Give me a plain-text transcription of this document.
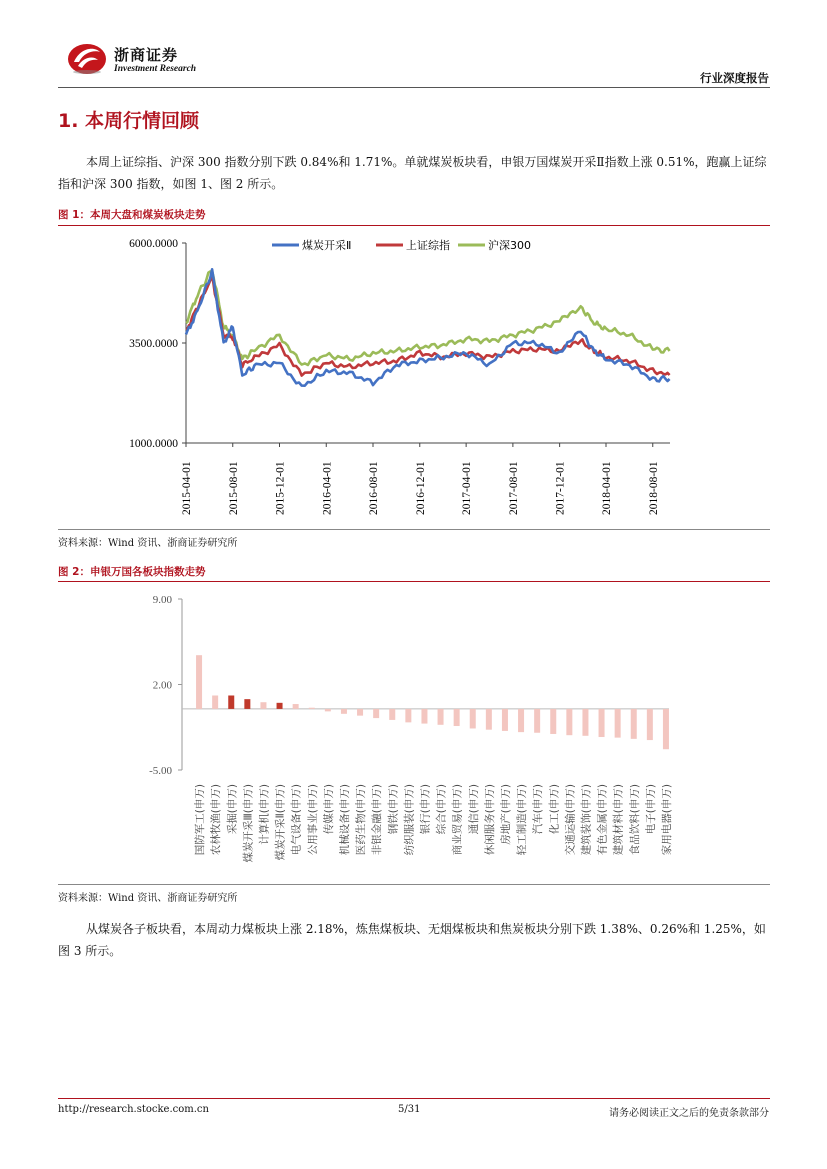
浙商证券
Investment Research
行业深度报告
1. 本周行情回顾
本周上证综指、沪深 300 指数分别下跌 0.84%和 1.71%。单就煤炭板块看，申银万国煤炭开采Ⅱ指数上涨 0.51%，跑赢上证综指和沪深 300 指数，如图 1、图 2 所示。
图 1：本周大盘和煤炭板块走势
6000.0000
3500.0000
1000.0000
2015-04-01	2015-08-01	2015-12-01	2016-04-01	2016-08-01	2016-12-01	2017-04-01	2017-08-01	2017-12-01	2018-04-01	2018-08-01
煤炭开采Ⅱ	上证综指	沪深300
资料来源：Wind 资讯、浙商证券研究所
图 2：申银万国各板块指数走势
9.00
2.00
-5.00
国防军工(申万) 农林牧渔(申万) 采掘(申万) 煤炭开采Ⅲ(申万) 计算机(申万) 煤炭开采Ⅱ(申万) 电气设备(申万) 公用事业(申万) 传媒(申万) 机械设备(申万) 医药生物(申万) 非银金融(申万) 钢铁(申万) 纺织服装(申万) 银行(申万) 综合(申万) 商业贸易(申万) 通信(申万) 休闲服务(申万) 房地产(申万) 轻工制造(申万) 汽车(申万) 化工(申万) 交通运输(申万) 建筑装饰(申万) 有色金属(申万) 建筑材料(申万) 食品饮料(申万) 电子(申万) 家用电器(申万)
资料来源：Wind 资讯、浙商证券研究所
从煤炭各子板块看，本周动力煤板块上涨 2.18%，炼焦煤板块、无烟煤板块和焦炭板块分别下跌 1.38%、0.26%和 1.25%，如图 3 所示。
http://research.stocke.com.cn	5/31	请务必阅读正文之后的免责条款部分
